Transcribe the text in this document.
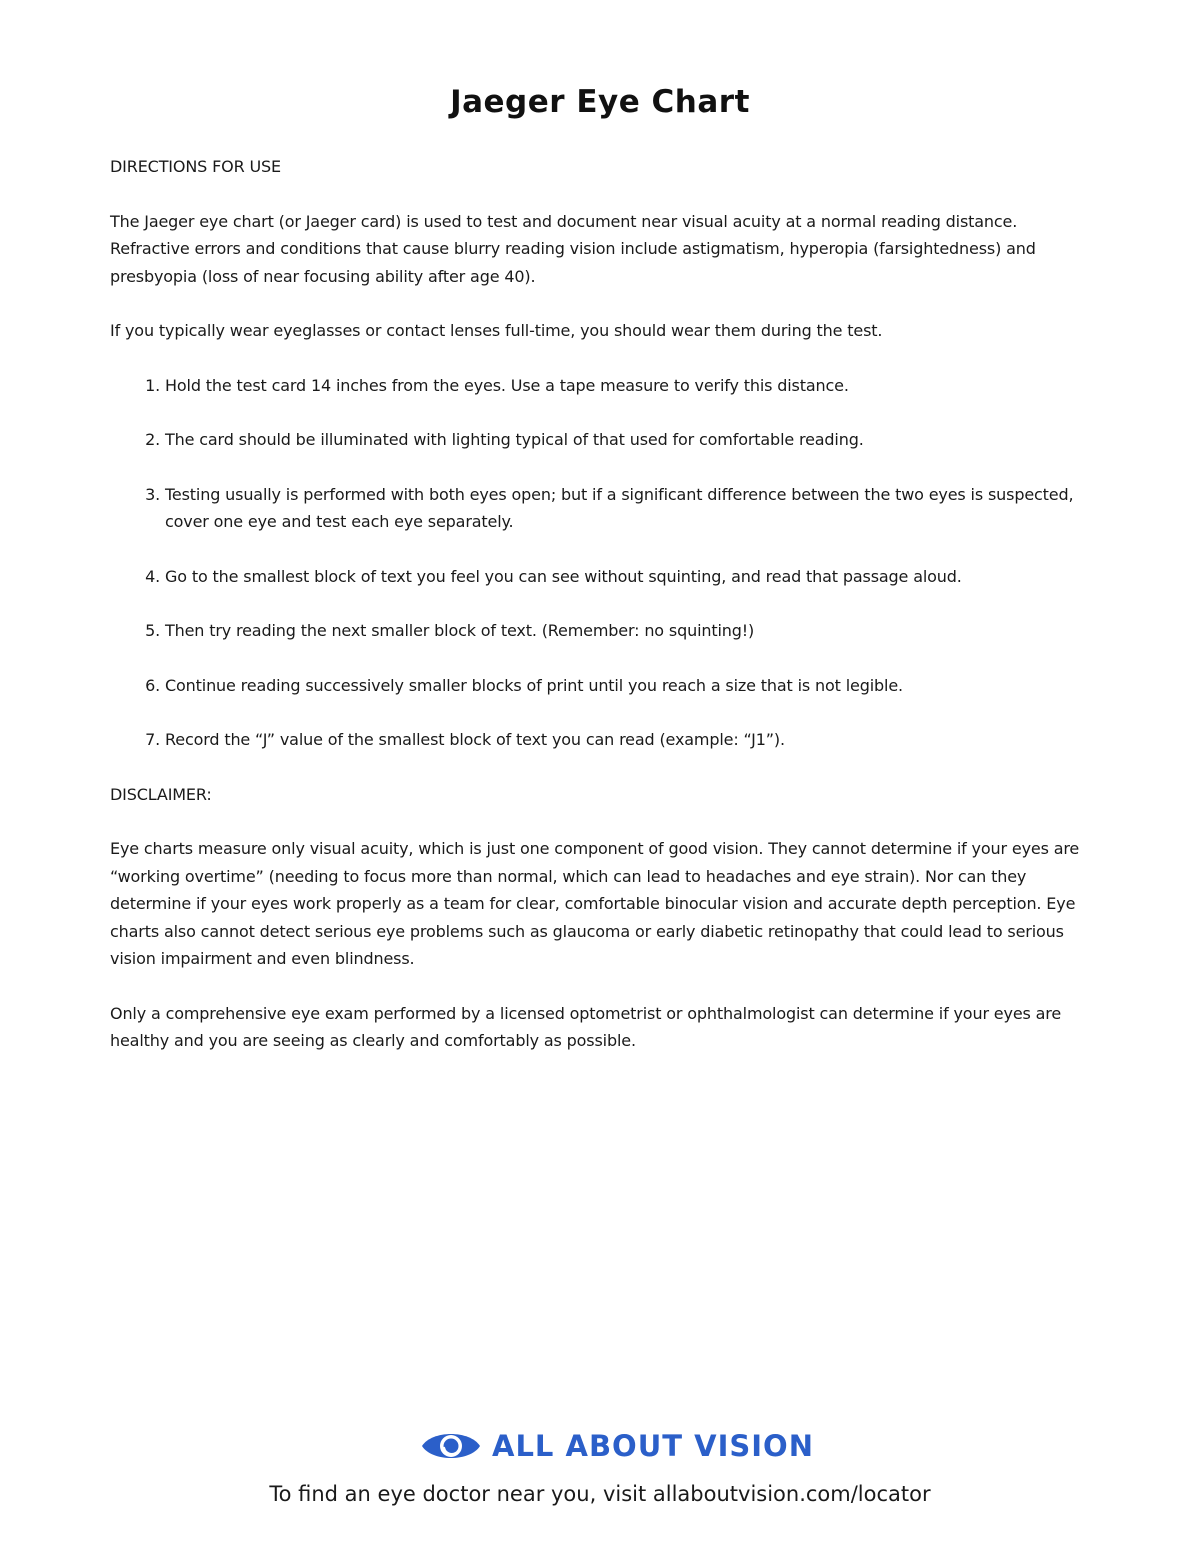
Jaeger Eye Chart

DIRECTIONS FOR USE

The Jaeger eye chart (or Jaeger card) is used to test and document near visual acuity at a normal reading distance. Refractive errors and conditions that cause blurry reading vision include astigmatism, hyperopia (farsightedness) and presbyopia (loss of near focusing ability after age 40).

If you typically wear eyeglasses or contact lenses full-time, you should wear them during the test.

1. Hold the test card 14 inches from the eyes. Use a tape measure to verify this distance.
2. The card should be illuminated with lighting typical of that used for comfortable reading.
3. Testing usually is performed with both eyes open; but if a significant difference between the two eyes is suspected, cover one eye and test each eye separately.
4. Go to the smallest block of text you feel you can see without squinting, and read that passage aloud.
5. Then try reading the next smaller block of text. (Remember: no squinting!)
6. Continue reading successively smaller blocks of print until you reach a size that is not legible.
7. Record the “J” value of the smallest block of text you can read (example: “J1”).

DISCLAIMER:

Eye charts measure only visual acuity, which is just one component of good vision. They cannot determine if your eyes are “working overtime” (needing to focus more than normal, which can lead to headaches and eye strain). Nor can they determine if your eyes work properly as a team for clear, comfortable binocular vision and accurate depth perception. Eye charts also cannot detect serious eye problems such as glaucoma or early diabetic retinopathy that could lead to serious vision impairment and even blindness.

Only a comprehensive eye exam performed by a licensed optometrist or ophthalmologist can determine if your eyes are healthy and you are seeing as clearly and comfortably as possible.

ALL ABOUT VISION
To find an eye doctor near you, visit allaboutvision.com/locator
